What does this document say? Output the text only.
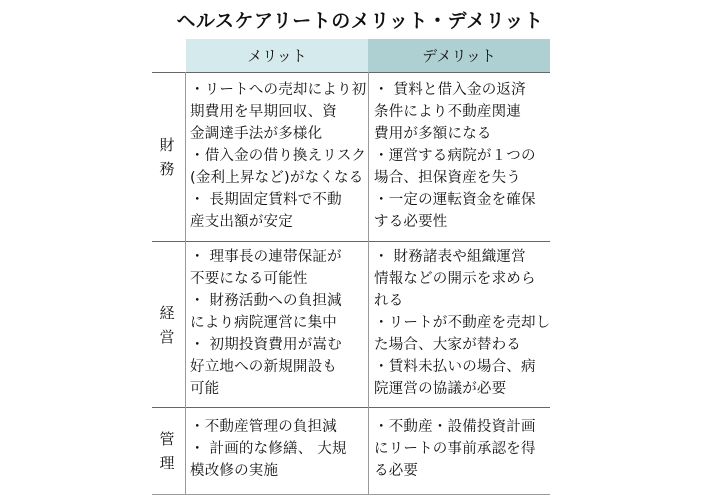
ヘルスケアリートのメリット・デメリット
メリット	デメリット
財
務
・リートへの売却により初
期費用を早期回収、資
金調達手法が多様化
・借入金の借り換えリスク
(金利上昇など)がなくなる
・ 長期固定賃料で不動
産支出額が安定
・ 賃料と借入金の返済
条件により不動産関連
費用が多額になる
・運営する病院が１つの
場合、担保資産を失う
・一定の運転資金を確保
する必要性
経
営
・ 理事長の連帯保証が
不要になる可能性
・ 財務活動への負担減
により病院運営に集中
・ 初期投資費用が嵩む
好立地への新規開設も
可能
・ 財務諸表や組織運営
情報などの開示を求めら
れる
・リートが不動産を売却し
た場合、大家が替わる
・賃料未払いの場合、病
院運営の協議が必要
管
理
・不動産管理の負担減
・ 計画的な修繕、 大規
模改修の実施
・不動産・設備投資計画
にリートの事前承認を得
る必要
